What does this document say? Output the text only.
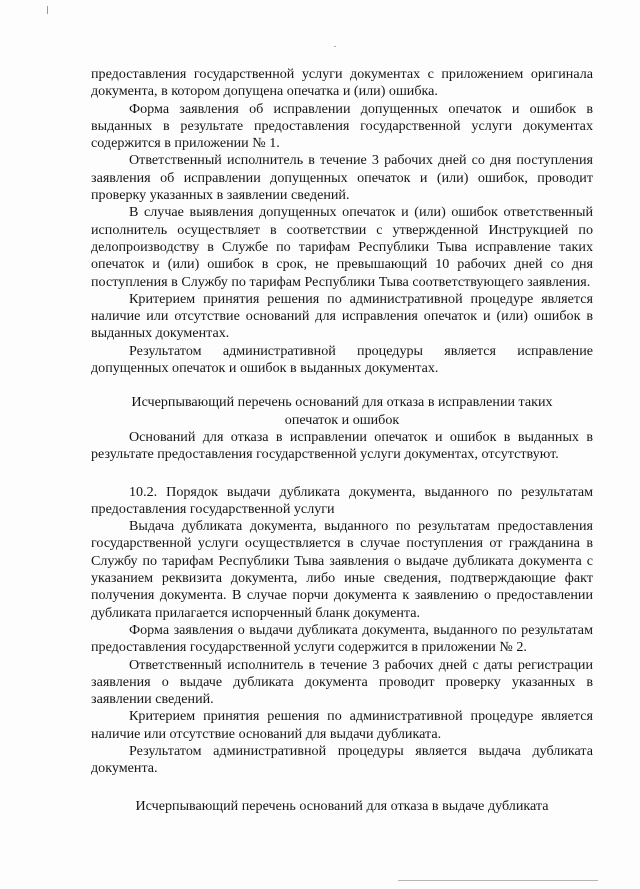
предоставления государственной услуги документах с приложением оригинала документа, в котором допущена опечатка и (или) ошибка.

Форма заявления об исправлении допущенных опечаток и ошибок в выданных в результате предоставления государственной услуги документах содержится в приложении № 1.

Ответственный исполнитель в течение 3 рабочих дней со дня поступления заявления об исправлении допущенных опечаток и (или) ошибок, проводит проверку указанных в заявлении сведений.

В случае выявления допущенных опечаток и (или) ошибок ответственный исполнитель осуществляет в соответствии с утвержденной Инструкцией по делопроизводству в Службе по тарифам Республики Тыва исправление таких опечаток и (или) ошибок в срок, не превышающий 10 рабочих дней со дня поступления в Службу по тарифам Республики Тыва соответствующего заявления.

Критерием принятия решения по административной процедуре является наличие или отсутствие оснований для исправления опечаток и (или) ошибок в выданных документах.

Результатом административной процедуры является исправление допущенных опечаток и ошибок в выданных документах.

Исчерпывающий перечень оснований для отказа в исправлении таких опечаток и ошибок

Оснований для отказа в исправлении опечаток и ошибок в выданных в результате предоставления государственной услуги документах, отсутствуют.

10.2. Порядок выдачи дубликата документа, выданного по результатам предоставления государственной услуги

Выдача дубликата документа, выданного по результатам предоставления государственной услуги осуществляется в случае поступления от гражданина в Службу по тарифам Республики Тыва заявления о выдаче дубликата документа с указанием реквизита документа, либо иные сведения, подтверждающие факт получения документа. В случае порчи документа к заявлению о предоставлении дубликата прилагается испорченный бланк документа.

Форма заявления о выдачи дубликата документа, выданного по результатам предоставления государственной услуги содержится в приложении № 2.

Ответственный исполнитель в течение 3 рабочих дней с даты регистрации заявления о выдаче дубликата документа проводит проверку указанных в заявлении сведений.

Критерием принятия решения по административной процедуре является наличие или отсутствие оснований для выдачи дубликата.

Результатом административной процедуры является выдача дубликата документа.

Исчерпывающий перечень оснований для отказа в выдаче дубликата
